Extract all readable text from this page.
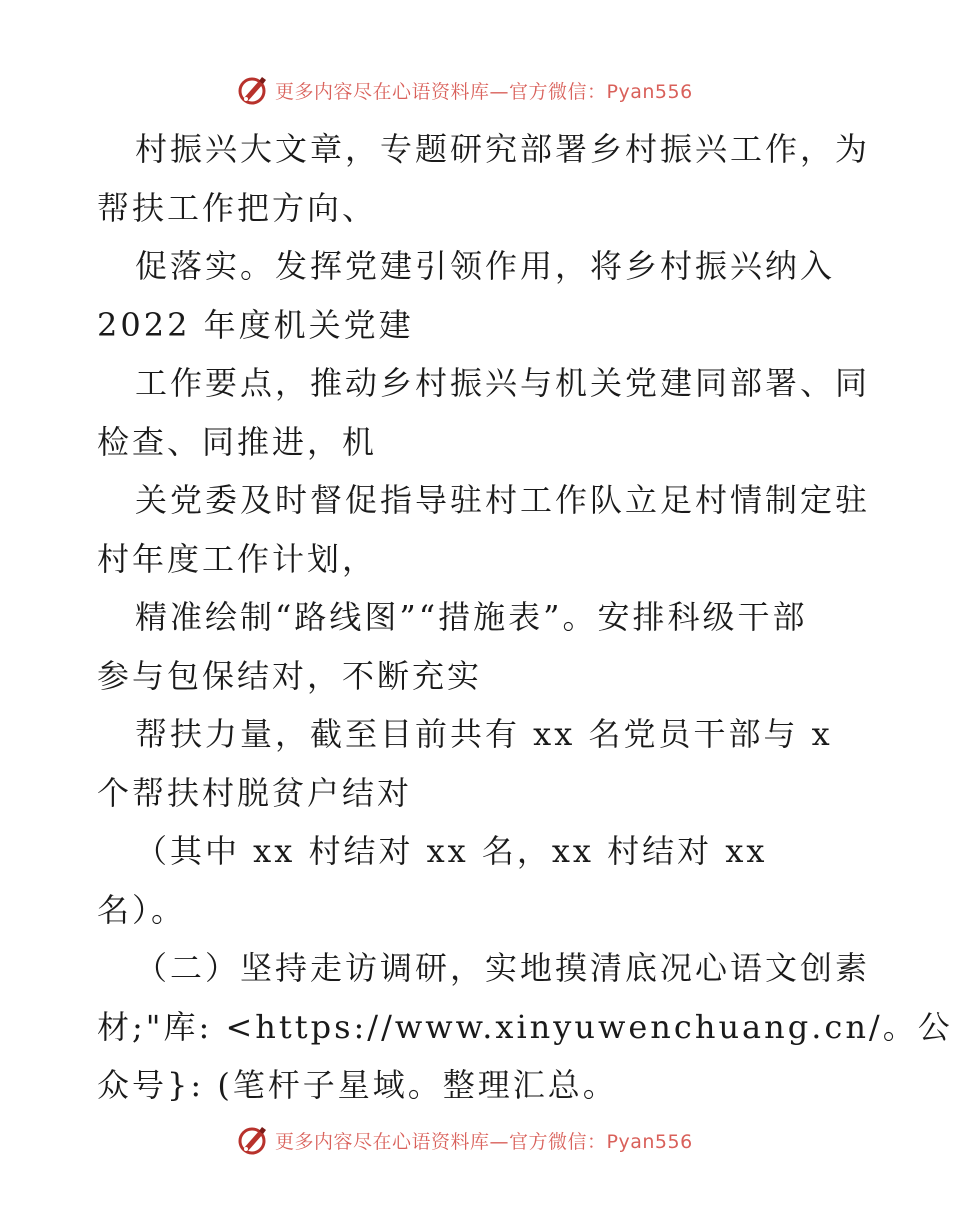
更多内容尽在心语资料库—官方微信：Pyan556
村振兴大文章，专题研究部署乡村振兴工作，为
帮扶工作把方向、
促落实。发挥党建引领作用，将乡村振兴纳入
2022 年度机关党建
工作要点，推动乡村振兴与机关党建同部署、同
检查、同推进，机
关党委及时督促指导驻村工作队立足村情制定驻
村年度工作计划，
精准绘制“路线图”“措施表”。安排科级干部
参与包保结对，不断充实
帮扶力量，截至目前共有 xx 名党员干部与 x
个帮扶村脱贫户结对
（其中 xx 村结对 xx 名，xx 村结对 xx
名）。
（二）坚持走访调研，实地摸清底况心语文创素
材;"库: <https://www.xinyuwenchuang.cn/。公
众号}: (笔杆子星域。整理汇总。
更多内容尽在心语资料库—官方微信：Pyan556
